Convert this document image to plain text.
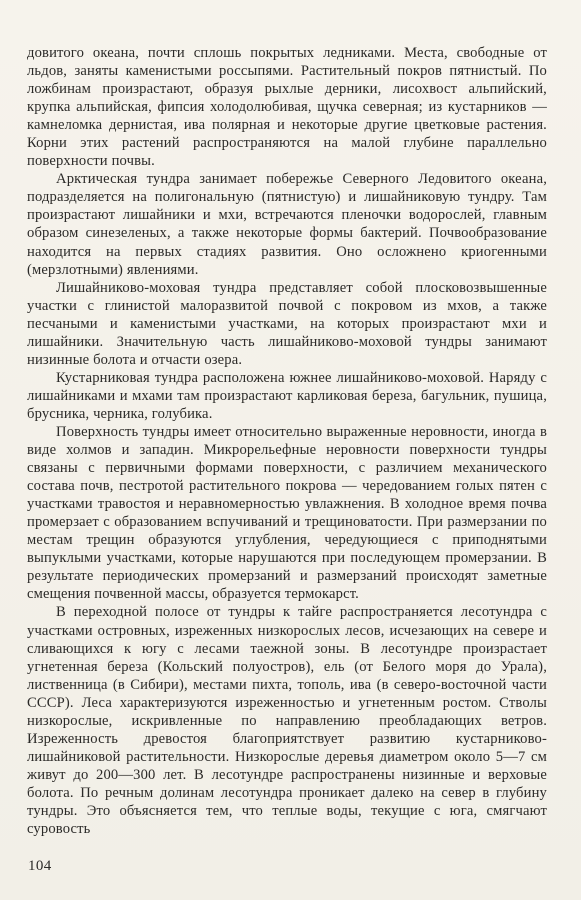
довитого океана, почти сплошь покрытых ледниками. Места, свободные от льдов, заняты каменистыми россыпями. Растительный покров пятнистый. По ложбинам произрастают, образуя рыхлые дерники, лисохвост альпийский, крупка альпийская, фипсия холодолюбивая, щучка северная; из кустарников — камнеломка дернистая, ива полярная и некоторые другие цветковые растения. Корни этих растений распространяются на малой глубине параллельно поверхности почвы.

Арктическая тундра занимает побережье Северного Ледовитого океана, подразделяется на полигональную (пятнистую) и лишайниковую тундру. Там произрастают лишайники и мхи, встречаются пленочки водорослей, главным образом синезеленых, а также некоторые формы бактерий. Почвообразование находится на первых стадиях развития. Оно осложнено криогенными (мерзлотными) явлениями.

Лишайниково-моховая тундра представляет собой плосковозвышенные участки с глинистой малоразвитой почвой с покровом из мхов, а также песчаными и каменистыми участками, на которых произрастают мхи и лишайники. Значительную часть лишайниково-моховой тундры занимают низинные болота и отчасти озера.

Кустарниковая тундра расположена южнее лишайниково-моховой. Наряду с лишайниками и мхами там произрастают карликовая береза, багульник, пушица, брусника, черника, голубика.

Поверхность тундры имеет относительно выраженные неровности, иногда в виде холмов и западин. Микрорельефные неровности поверхности тундры связаны с первичными формами поверхности, с различием механического состава почв, пестротой растительного покрова — чередованием голых пятен с участками травостоя и неравномерностью увлажнения. В холодное время почва промерзает с образованием вспучиваний и трещиноватости. При размерзании по местам трещин образуются углубления, чередующиеся с приподнятыми выпуклыми участками, которые нарушаются при последующем промерзании. В результате периодических промерзаний и размерзаний происходят заметные смещения почвенной массы, образуется термокарст.

В переходной полосе от тундры к тайге распространяется лесотундра с участками островных, изреженных низкорослых лесов, исчезающих на севере и сливающихся к югу с лесами таежной зоны. В лесотундре произрастает угнетенная береза (Кольский полуостров), ель (от Белого моря до Урала), лиственница (в Сибири), местами пихта, тополь, ива (в северо-восточной части СССР). Леса характеризуются изреженностью и угнетенным ростом. Стволы низкорослые, искривленные по направлению преобладающих ветров. Изреженность древостоя благоприятствует развитию кустарниково-лишайниковой растительности. Низкорослые деревья диаметром около 5—7 см живут до 200—300 лет. В лесотундре распространены низинные и верховые болота. По речным долинам лесотундра проникает далеко на север в глубину тундры. Это объясняется тем, что теплые воды, текущие с юга, смягчают суровость

104
